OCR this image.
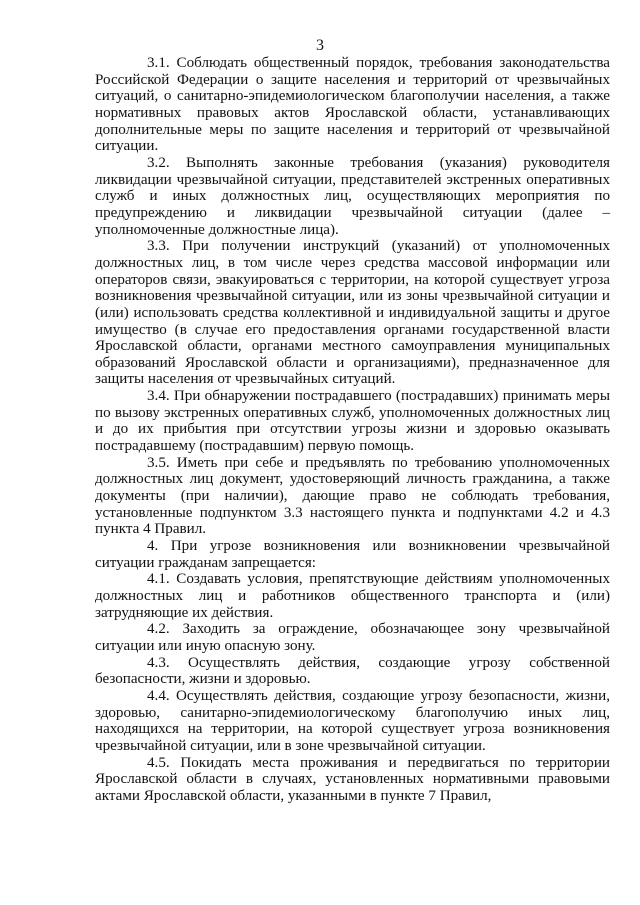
3

3.1. Соблюдать общественный порядок, требования законодательства Российской Федерации о защите населения и территорий от чрезвычайных ситуаций, о санитарно-эпидемиологическом благополучии населения, а также нормативных правовых актов Ярославской области, устанавливающих дополнительные меры по защите населения и территорий от чрезвычайной ситуации.

3.2. Выполнять законные требования (указания) руководителя ликвидации чрезвычайной ситуации, представителей экстренных оперативных служб и иных должностных лиц, осуществляющих мероприятия по предупреждению и ликвидации чрезвычайной ситуации (далее – уполномоченные должностные лица).

3.3. При получении инструкций (указаний) от уполномоченных должностных лиц, в том числе через средства массовой информации или операторов связи, эвакуироваться с территории, на которой существует угроза возникновения чрезвычайной ситуации, или из зоны чрезвычайной ситуации и (или) использовать средства коллективной и индивидуальной защиты и другое имущество (в случае его предоставления органами государственной власти Ярославской области, органами местного самоуправления муниципальных образований Ярославской области и организациями), предназначенное для защиты населения от чрезвычайных ситуаций.

3.4. При обнаружении пострадавшего (пострадавших) принимать меры по вызову экстренных оперативных служб, уполномоченных должностных лиц и до их прибытия при отсутствии угрозы жизни и здоровью оказывать пострадавшему (пострадавшим) первую помощь.

3.5. Иметь при себе и предъявлять по требованию уполномоченных должностных лиц документ, удостоверяющий личность гражданина, а также документы (при наличии), дающие право не соблюдать требования, установленные подпунктом 3.3 настоящего пункта и подпунктами 4.2 и 4.3 пункта 4 Правил.

4. При угрозе возникновения или возникновении чрезвычайной ситуации гражданам запрещается:

4.1. Создавать условия, препятствующие действиям уполномоченных должностных лиц и работников общественного транспорта и (или) затрудняющие их действия.

4.2. Заходить за ограждение, обозначающее зону чрезвычайной ситуации или иную опасную зону.

4.3. Осуществлять действия, создающие угрозу собственной безопасности, жизни и здоровью.

4.4. Осуществлять действия, создающие угрозу безопасности, жизни, здоровью, санитарно-эпидемиологическому благополучию иных лиц, находящихся на территории, на которой существует угроза возникновения чрезвычайной ситуации, или в зоне чрезвычайной ситуации.

4.5. Покидать места проживания и передвигаться по территории Ярославской области в случаях, установленных нормативными правовыми актами Ярославской области, указанными в пункте 7 Правил,
